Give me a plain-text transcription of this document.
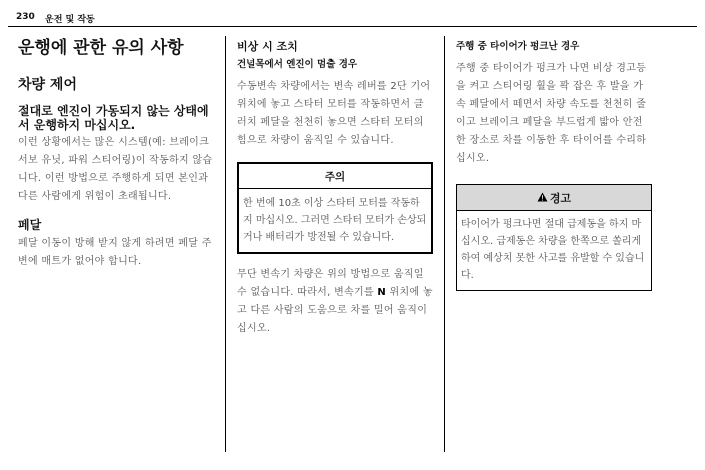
230 운전 및 작동
운행에 관한 유의 사항
차량 제어
절대로 엔진이 가동되지 않는 상태에서 운행하지 마십시오.
이런 상황에서는 많은 시스템(예: 브레이크 서보 유닛, 파워 스티어링)이 작동하지 않습니다. 이런 방법으로 주행하게 되면 본인과 다른 사람에게 위험이 초래됩니다.
페달
페달 이동이 방해 받지 않게 하려면 페달 주변에 매트가 없어야 합니다.
비상 시 조치
건널목에서 엔진이 멈출 경우
수동변속 차량에서는 변속 레버를 2단 기어 위치에 놓고 스타터 모터를 작동하면서 클러치 페달을 천천히 놓으면 스타터 모터의 힘으로 차량이 움직일 수 있습니다.
주의
한 번에 10초 이상 스타터 모터를 작동하지 마십시오. 그러면 스타터 모터가 손상되거나 배터리가 방전될 수 있습니다.
무단 변속기 차량은 위의 방법으로 움직일 수 없습니다. 따라서, 변속기를 N 위치에 놓고 다른 사람의 도움으로 차를 밀어 움직이십시오.
주행 중 타이어가 펑크난 경우
주행 중 타이어가 펑크가 나면 비상 경고등을 켜고 스티어링 휠을 꽉 잡은 후 발을 가속 페달에서 떼면서 차량 속도를 천천히 줄이고 브레이크 페달을 부드럽게 밟아 안전한 장소로 차를 이동한 후 타이어를 수리하십시오.
경고
타이어가 펑크나면 절대 급제동을 하지 마십시오. 급제동은 차량을 한쪽으로 쏠리게 하여 예상치 못한 사고를 유발할 수 있습니다.
